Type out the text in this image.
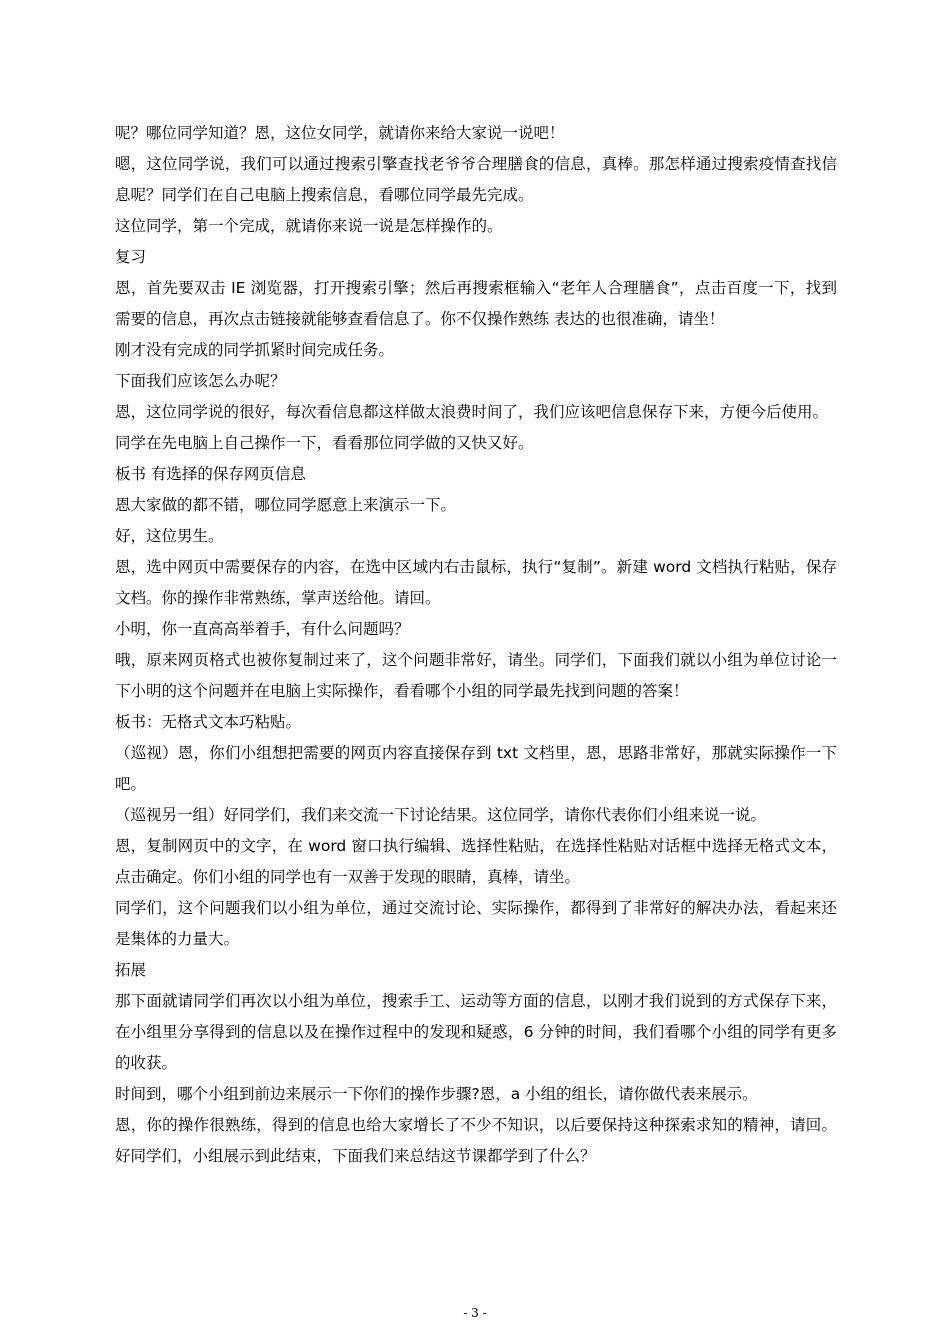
呢？哪位同学知道？恩，这位女同学，就请你来给大家说一说吧！

嗯，这位同学说，我们可以通过搜索引擎查找老爷爷合理膳食的信息，真棒。那怎样通过搜索疫情查找信息呢？同学们在自己电脑上搜索信息，看哪位同学最先完成。

这位同学，第一个完成，就请你来说一说是怎样操作的。

复习

恩，首先要双击 IE 浏览器，打开搜索引擎；然后再搜索框输入“老年人合理膳食”，点击百度一下，找到需要的信息，再次点击链接就能够查看信息了。你不仅操作熟练 表达的也很准确，请坐！

刚才没有完成的同学抓紧时间完成任务。

下面我们应该怎么办呢？

恩，这位同学说的很好，每次看信息都这样做太浪费时间了，我们应该吧信息保存下来，方便今后使用。

同学在先电脑上自己操作一下，看看那位同学做的又快又好。

板书 有选择的保存网页信息

恩大家做的都不错，哪位同学愿意上来演示一下。

好，这位男生。

恩，选中网页中需要保存的内容，在选中区域内右击鼠标，执行“复制”。新建 word 文档执行粘贴，保存文档。你的操作非常熟练，掌声送给他。请回。

小明，你一直高高举着手，有什么问题吗？

哦，原来网页格式也被你复制过来了，这个问题非常好，请坐。同学们，下面我们就以小组为单位讨论一下小明的这个问题并在电脑上实际操作，看看哪个小组的同学最先找到问题的答案！

板书：无格式文本巧粘贴。

（巡视）恩，你们小组想把需要的网页内容直接保存到 txt 文档里，恩，思路非常好，那就实际操作一下吧。

（巡视另一组）好同学们，我们来交流一下讨论结果。这位同学，请你代表你们小组来说一说。

恩，复制网页中的文字，在 word 窗口执行编辑、选择性粘贴，在选择性粘贴对话框中选择无格式文本，点击确定。你们小组的同学也有一双善于发现的眼睛，真棒，请坐。

同学们，这个问题我们以小组为单位，通过交流讨论、实际操作，都得到了非常好的解决办法，看起来还是集体的力量大。

拓展

那下面就请同学们再次以小组为单位，搜索手工、运动等方面的信息，以刚才我们说到的方式保存下来，在小组里分享得到的信息以及在操作过程中的发现和疑惑，6 分钟的时间，我们看哪个小组的同学有更多的收获。

时间到，哪个小组到前边来展示一下你们的操作步骤?恩，a 小组的组长，请你做代表来展示。

恩，你的操作很熟练，得到的信息也给大家增长了不少不知识，以后要保持这种探索求知的精神，请回。好同学们，小组展示到此结束，下面我们来总结这节课都学到了什么？

- 3 -
